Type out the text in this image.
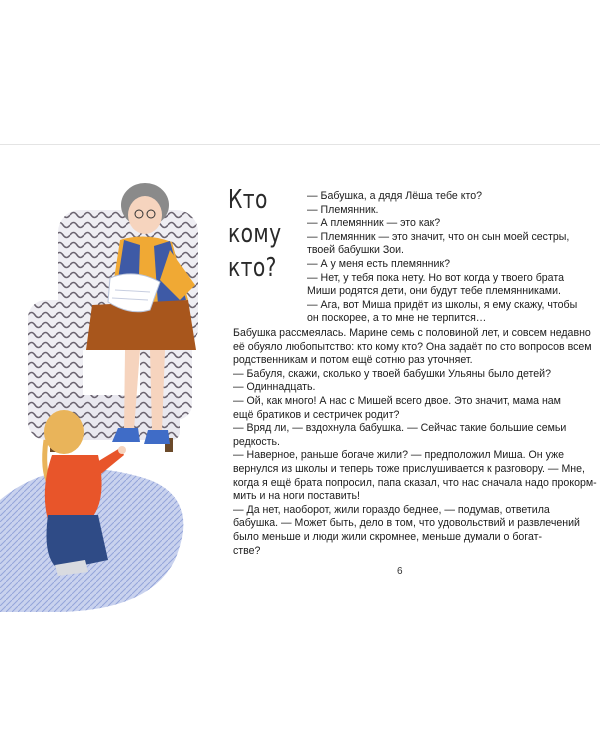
Кто
кому
кто?
— Бабушка, а дядя Лёша тебе кто?
— Племянник.
— А племянник — это как?
— Племянник — это значит, что он сын моей сестры,
твоей бабушки Зои.
— А у меня есть племянник?
— Нет, у тебя пока нету. Но вот когда у твоего брата
Миши родятся дети, они будут тебе племянниками.
— Ага, вот Миша придёт из школы, я ему скажу, чтобы
он поскорее, а то мне не терпится…
Бабушка рассмеялась. Марине семь с половиной лет, и совсем недавно
её обуяло любопытство: кто кому кто? Она задаёт по сто вопросов всем
родственникам и потом ещё сотню раз уточняет.
— Бабуля, скажи, сколько у твоей бабушки Ульяны было детей?
— Одиннадцать.
— Ой, как много! А нас с Мишей всего двое. Это значит, мама нам
ещё братиков и сестричек родит?
— Вряд ли, — вздохнула бабушка. — Сейчас такие большие семьи
редкость.
— Наверное, раньше богаче жили? — предположил Миша. Он уже
вернулся из школы и теперь тоже прислушивается к разговору. — Мне,
когда я ещё брата попросил, папа сказал, что нас сначала надо прокорм-
мить и на ноги поставить!
— Да нет, наоборот, жили гораздо беднее, — подумав, ответила
бабушка. — Может быть, дело в том, что удовольствий и развлечений
было меньше и люди жили скромнее, меньше думали о богат-
стве?
6
